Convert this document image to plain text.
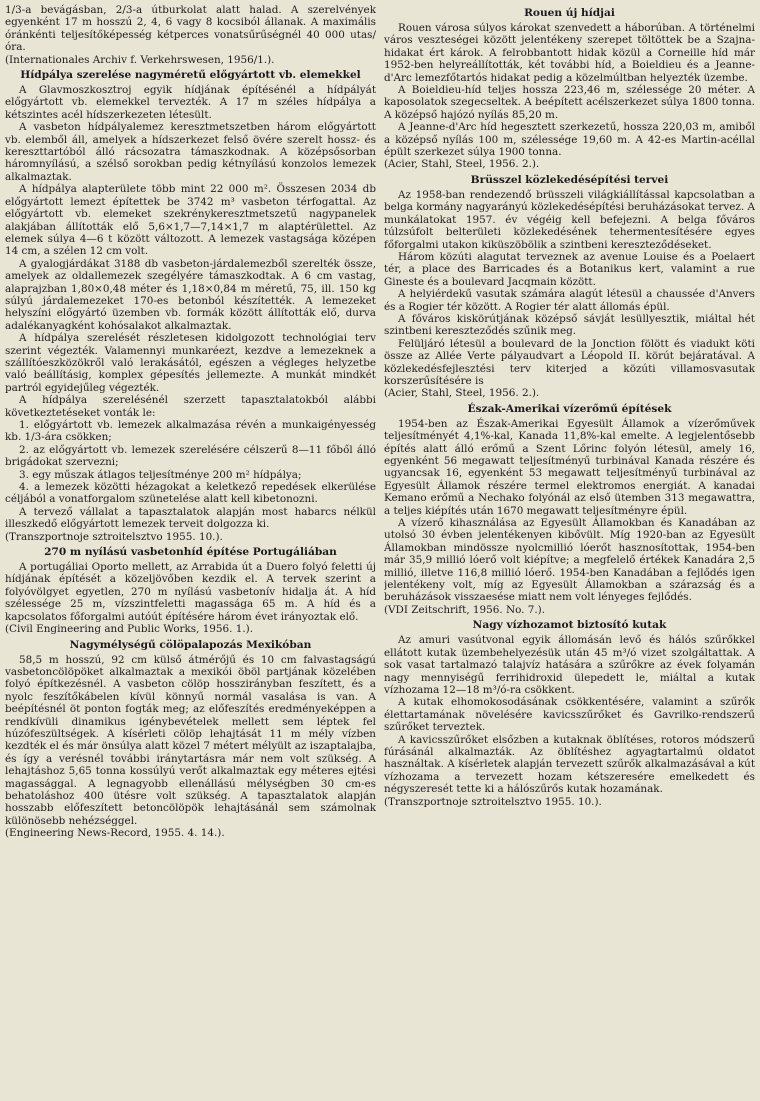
1/3-a bevágásban, 2/3-a útburkolat alatt halad. A szerelvények egyenként 17 m hosszú 2, 4, 6 vagy 8 kocsiból állanak. A maximális óránkénti teljesítőképesség kétperces vonatsűrűségnél 40 000 utas/óra.

(Internationales Archiv f. Verkehrswesen, 1956/1.).

Hídpálya szerelése nagyméretű előgyártott vb. elemekkel

A Glavmoszkosztroj egyik hídjának építésénél a hídpályát előgyártott vb. elemekkel tervezték. A 17 m széles hídpálya a kétszintes acél hídszerkezeten létesült.

A vasbeton hídpályalemez keresztmetszetben három előgyártott vb. elemből áll, amelyek a hídszerkezet felső övére szerelt hossz- és kereszttartóból álló rácsozatra támaszkodnak. A középsősorban háromnyílású, a szélső sorokban pedig kétnyílású konzolos lemezek alkalmaztak.

A hídpálya alapterülete több mint 22 000 m². Összesen 2034 db előgyártott lemezt építettek be 3742 m³ vasbeton térfogattal. Az előgyártott vb. elemeket szekrénykeresztmetszetű nagypanelek alakjában állították elő 5,6×1,7—7,14×1,7 m alaptérülettel. Az elemek súlya 4—6 t között változott. A lemezek vastagsága középen 14 cm, a szélen 12 cm volt.

A gyalogjárdákat 3188 db vasbeton-járdalemezből szerelték össze, amelyek az oldallemezek szegélyére támaszkodtak. A 6 cm vastag, alaprajzban 1,80×0,48 méter és 1,18×0,84 m méretű, 75, ill. 150 kg súlyú járdalemezeket 170-es betonból készítették. A lemezeket helyszíni előgyártó üzemben vb. formák között állították elő, durva adalékanyagként kohósalakot alkalmaztak.

A hídpálya szerelését részletesen kidolgozott technológiai terv szerint végezték. Valamennyi munkaréezt, kezdve a lemezeknek a szállítóeszközökről való lerakásától, egészen a végleges helyzetbe való beállításig, komplex gépesítés jellemezte. A munkát mindkét partról egyidejűleg végezték.

A hídpálya szerelésénél szerzett tapasztalatokból alábbi következtetéseket vonták le:

1. előgyártott vb. lemezek alkalmazása révén a munkaigényesség kb. 1/3-ára csökken;

2. az előgyártott vb. lemezek szerelésére célszerű 8—11 főből álló brigádokat szervezni;

3. egy műszak átlagos teljesítménye 200 m² hídpálya;

4. a lemezek közötti hézagokat a keletkező repedések elkerülése céljából a vonatforgalom szünetelése alatt kell kibetonozni.

A tervező vállalat a tapasztalatok alapján most habarcs nélkül illeszkedő előgyártott lemezek terveit dolgozza ki.

(Transzportnoje sztroitelsztvo 1955. 10.).

270 m nyílású vasbetonhíd építése Portugáliában

A portugáliai Oporto mellett, az Arrabida út a Duero folyó feletti új hídjának építését a közeljövőben kezdik el. A tervek szerint a folyóvölgyet egyetlen, 270 m nyílású vasbetonív hidalja át. A híd szélessége 25 m, vízszintfeletti magassága 65 m. A híd és a kapcsolatos főforgalmi autóút építésére három évet irányoztak elő.

(Civil Engineering and Public Works, 1956. 1.).

Nagymélységű cölöpalapozás Mexikóban

58,5 m hosszú, 92 cm külső átmérőjű és 10 cm falvastagságú vasbetoncölöpöket alkalmaztak a mexikói öböl partjának közelében folyó építkezésnél. A vasbeton cölöp hosszirányban feszített, és a nyolc feszítőkábelen kívül könnyű normál vasalása is van. A beépítésnél öt ponton fogták meg; az előfeszítés eredményeképpen a rendkívüli dinamikus igénybevételek mellett sem léptek fel húzófeszültségek. A kísérleti cölöp lehajtását 11 m mély vízben kezdték el és már önsúlya alatt közel 7 métert mélyült az iszaptalajba, és így a verésnél további iránytartásra már nem volt szükség. A lehajtáshoz 5,65 tonna kossúlyú verőt alkalmaztak egy méteres ejtési magassággal. A legnagyobb ellenállású mélységben 30 cm-es behatoláshoz 400 ütésre volt szükség. A tapasztalatok alapján hosszabb előfeszített betoncölöpök lehajtásánál sem számolnak különösebb nehézséggel.

(Engineering News-Record, 1955. 4. 14.).

Rouen új hídjai

Rouen városa súlyos károkat szenvedett a háborúban. A történelmi város veszteségei között jelentékeny szerepet töltöttek be a Szajna-hidakat ért károk. A felrobbantott hidak közül a Corneille híd már 1952-ben helyreállították, két további híd, a Boieldieu és a Jeanne-d'Arc lemezfőtartós hidakat pedig a közelmúltban helyezték üzembe.

A Boieldieu-híd teljes hossza 223,46 m, szélessége 20 méter. A kaposolatok szegecseltek. A beépített acélszerkezet súlya 1800 tonna. A középső hajózó nyílás 85,20 m.

A Jeanne-d'Arc híd hegesztett szerkezetű, hossza 220,03 m, amiből a középső nyílás 100 m, szélessége 19,60 m. A 42-es Martin-acéllal épült szerkezet súlya 1900 tonna.

(Acier, Stahl, Steel, 1956. 2.).

Brüsszel közlekedésépítési tervei

Az 1958-ban rendezendő brüsszeli világkiállítással kapcsolatban a belga kormány nagyarányú közlekedésépítési beruházásokat tervez. A munkálatokat 1957. év végéig kell befejezni. A belga főváros túlzsúfolt belterületi közlekedésének tehermentesítésére egyes főforgalmi utakon kiküszöbölik a szintbeni kereszteződéseket.

Három közúti alagutat terveznek az avenue Louise és a Poelaert tér, a place des Barricades és a Botanikus kert, valamint a rue Gineste és a boulevard Jacqmain között.

A helyiérdekű vasutak számára alagút létesül a chaussée d'Anvers és a Rogier tér között. A Rogier tér alatt állomás épül.

A főváros kiskörútjának középső sávját lesüllyesztik, miáltal hét szintbeni kereszteződés szűnik meg.

Felüljáró létesül a boulevard de la Jonction fölött és viadukt köti össze az Allée Verte pályaudvart a Léopold II. körút bejáratával. A közlekedésfejlesztési terv kiterjed a közúti villamosvasutak korszerűsítésére is

(Acier, Stahl, Steel, 1956. 2.).

Észak-Amerikai vízerőmű építések

1954-ben az Észak-Amerikai Egyesült Államok a vízerőművek teljesítményét 4,1%-kal, Kanada 11,8%-kal emelte. A legjelentősebb építés alatt álló erőmű a Szent Lőrinc folyón létesül, amely 16, egyenként 56 megawatt teljesítményű turbinával Kanada részére és ugyancsak 16, egyenként 53 megawatt teljesítményű turbinával az Egyesült Államok részére termel elektromos energiát. A kanadai Kemano erőmű a Nechako folyónál az első ütemben 313 megawattra, a teljes kiépítés után 1670 megawatt teljesítményre épül.

A vízerő kihasználása az Egyesült Államokban és Kanadában az utolsó 30 évben jelentékenyen kibővült. Míg 1920-ban az Egyesült Államokban mindössze nyolcmillió lóerőt hasznosítottak, 1954-ben már 35,9 millió lóerő volt kiépítve; a megfelelő értékek Kanadára 2,5 millió, illetve 116,8 millió lóerő. 1954-ben Kanadában a fejlődés igen jelentékeny volt, míg az Egyesült Államokban a szárazság és a beruházások visszaesése miatt nem volt lényeges fejlődés.

(VDI Zeitschrift, 1956. No. 7.).

Nagy vízhozamot biztosító kutak

Az amuri vasútvonal egyik állomásán levő és hálós szűrőkkel ellátott kutak üzembehelyezésük után 45 m³/ó vizet szolgáltattak. A sok vasat tartalmazó talajvíz hatására a szűrőkre az évek folyamán nagy mennyiségű ferrihidroxid ülepedett le, miáltal a kutak vízhozama 12—18 m³/ó-ra csökkent.

A kutak elhomokosodásának csökkentésére, valamint a szűrők élettartamának növelésére kavicsszűrőket és Gavrilko-rendszerű szűrőket terveztek.

A kavicsszűrőket elsőzben a kutaknak öblítéses, rotoros módszerű fúrásánál alkalmazták. Az öblítéshez agyagtartalmú oldatot használtak. A kísérletek alapján tervezett szűrők alkalmazásával a kút vízhozama a tervezett hozam kétszeresére emelkedett és négyszeresét tette ki a hálószűrős kutak hozamának.

(Transzportnoje sztroitelsztvo 1955. 10.).
